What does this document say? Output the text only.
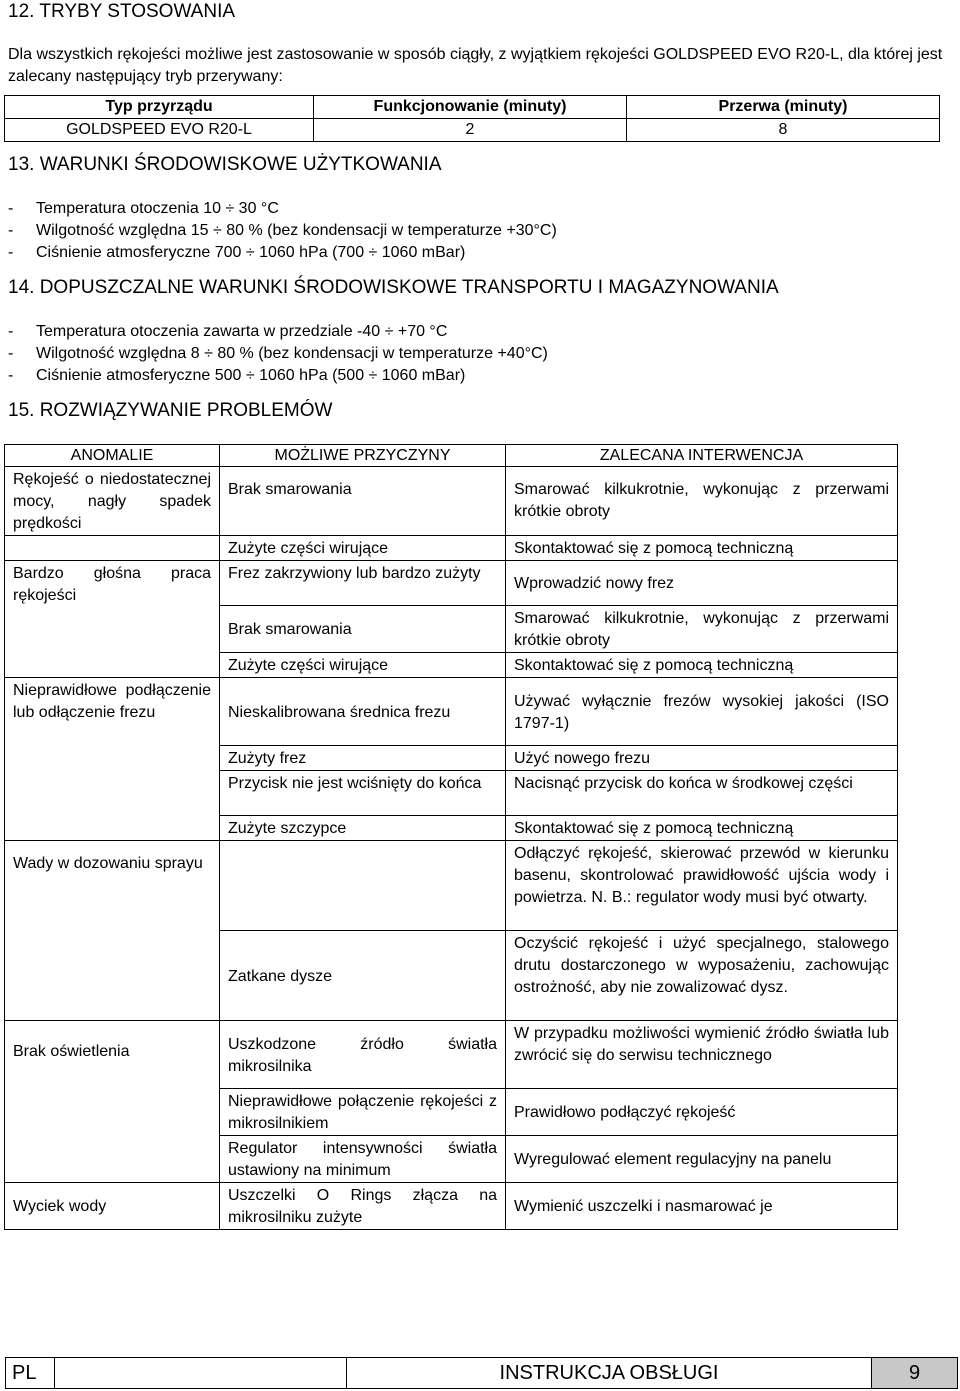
12. TRYBY STOSOWANIA

Dla wszystkich rękojeści możliwe jest zastosowanie w sposób ciągły, z wyjątkiem rękojeści GOLDSPEED EVO R20-L, dla której jest zalecany następujący tryb przerywany:

Typ przyrządu	Funkcjonowanie (minuty)	Przerwa (minuty)
GOLDSPEED EVO R20-L	2	8
13. WARUNKI ŚRODOWISKOWE UŻYTKOWANIA
- Temperatura otoczenia 10 ÷ 30 °C
- Wilgotność względna 15 ÷ 80 % (bez kondensacji w temperaturze +30°C)
- Ciśnienie atmosferyczne 700 ÷ 1060 hPa (700 ÷ 1060 mBar)
14. DOPUSZCZALNE WARUNKI ŚRODOWISKOWE TRANSPORTU I MAGAZYNOWANIA
- Temperatura otoczenia zawarta w przedziale -40 ÷ +70 °C
- Wilgotność względna 8 ÷ 80 % (bez kondensacji w temperaturze +40°C)
- Ciśnienie atmosferyczne 500 ÷ 1060 hPa (500 ÷ 1060 mBar)
15. ROZWIĄZYWANIE PROBLEMÓW
ANOMALIE	MOŻLIWE PRZYCZYNY	ZALECANA INTERWENCJA
Rękojeść o niedostatecznej mocy, nagły spadek prędkości	Brak smarowania	Smarować kilkukrotnie, wykonując z przerwami krótkie obroty
	Zużyte części wirujące	Skontaktować się z pomocą techniczną
Bardzo głośna praca rękojeści	Frez zakrzywiony lub bardzo zużyty	Wprowadzić nowy frez
	Brak smarowania	Smarować kilkukrotnie, wykonując z przerwami krótkie obroty
	Zużyte części wirujące	Skontaktować się z pomocą techniczną
Nieprawidłowe podłączenie lub odłączenie frezu	Nieskalibrowana średnica frezu	Używać wyłącznie frezów wysokiej jakości (ISO 1797-1)
	Zużyty frez	Użyć nowego frezu
	Przycisk nie jest wciśnięty do końca	Nacisnąć przycisk do końca w środkowej części
	Zużyte szczypce	Skontaktować się z pomocą techniczną
Wady w dozowaniu sprayu		Odłączyć rękojeść, skierować przewód w kierunku basenu, skontrolować prawidłowość ujścia wody i powietrza. N. B.: regulator wody musi być otwarty.
	Zatkane dysze	Oczyścić rękojeść i użyć specjalnego, stalowego drutu dostarczonego w wyposażeniu, zachowując ostrożność, aby nie zowalizować dysz.
Brak oświetlenia	Uszkodzone źródło światła mikrosilnika	W przypadku możliwości wymienić źródło światła lub zwrócić się do serwisu technicznego
	Nieprawidłowe połączenie rękojeści z mikrosilnikiem	Prawidłowo podłączyć rękojeść
	Regulator intensywności światła ustawiony na minimum	Wyregulować element regulacyjny na panelu
Wyciek wody	Uszczelki O Rings złącza na mikrosilniku zużyte	Wymienić uszczelki i nasmarować je
PL	INSTRUKCJA OBSŁUGI	9
